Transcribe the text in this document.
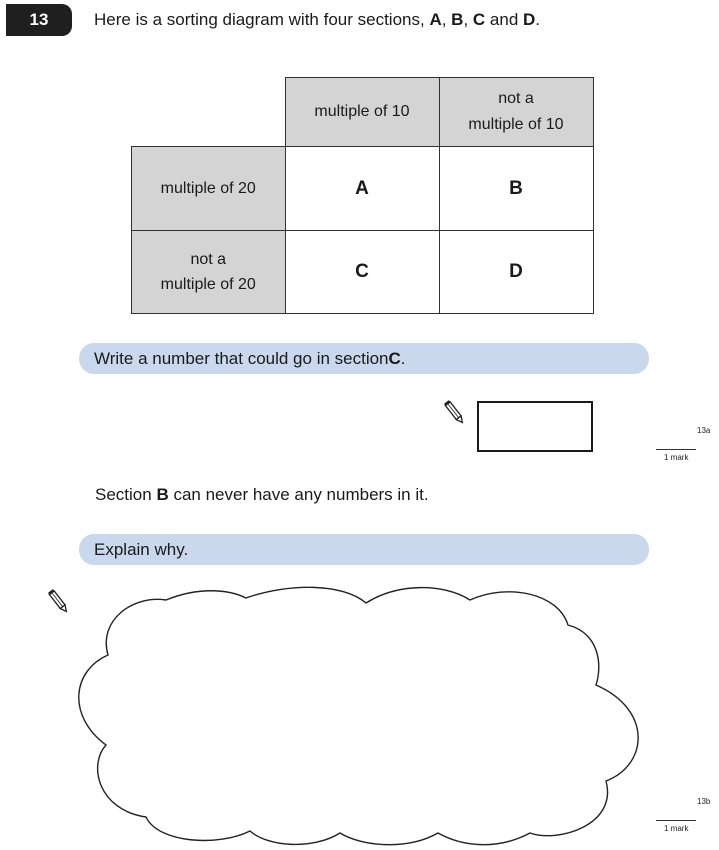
13	Here is a sorting diagram with four sections, A, B, C and D.
	multiple of 10	not a
multiple of 10
multiple of 20	A	B
not a
multiple of 20	C	D
Write a number that could go in section C .
13a
1 mark
Section B can never have any numbers in it.
Explain why.
13b
1 mark
